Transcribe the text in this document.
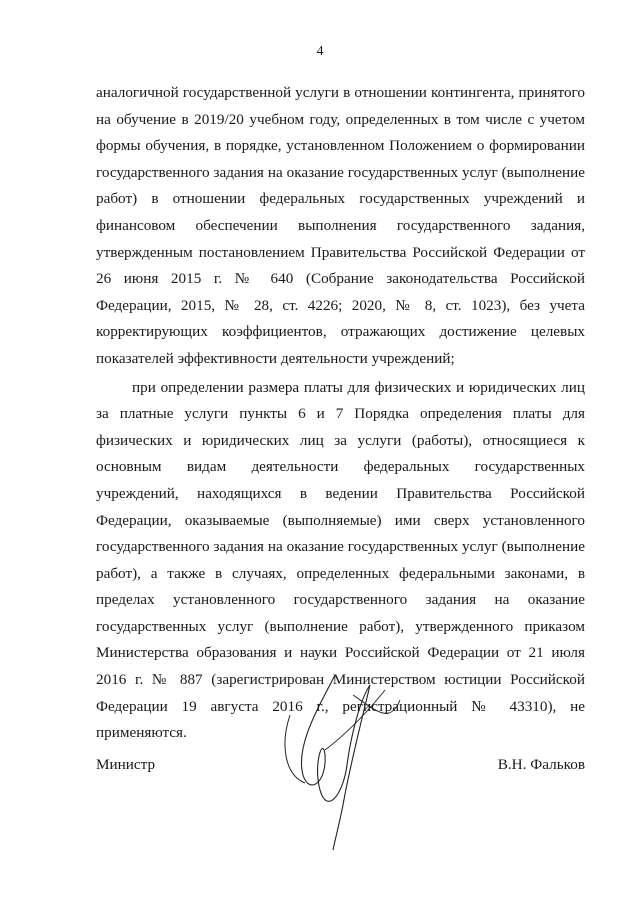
4

аналогичной государственной услуги в отношении контингента, принятого на обучение в 2019/20 учебном году, определенных в том числе с учетом формы обучения, в порядке, установленном Положением о формировании государственного задания на оказание государственных услуг (выполнение работ) в отношении федеральных государственных учреждений и финансовом обеспечении выполнения государственного задания, утвержденным постановлением Правительства Российской Федерации от 26 июня 2015 г. № 640 (Собрание законодательства Российской Федерации, 2015, № 28, ст. 4226; 2020, № 8, ст. 1023), без учета корректирующих коэффициентов, отражающих достижение целевых показателей эффективности деятельности учреждений;

при определении размера платы для физических и юридических лиц за платные услуги пункты 6 и 7 Порядка определения платы для физических и юридических лиц за услуги (работы), относящиеся к основным видам деятельности федеральных государственных учреждений, находящихся в ведении Правительства Российской Федерации, оказываемые (выполняемые) ими сверх установленного государственного задания на оказание государственных услуг (выполнение работ), а также в случаях, определенных федеральными законами, в пределах установленного государственного задания на оказание государственных услуг (выполнение работ), утвержденного приказом Министерства образования и науки Российской Федерации от 21 июля 2016 г. № 887 (зарегистрирован Министерством юстиции Российской Федерации 19 августа 2016 г., регистрационный № 43310), не применяются.

Министр	В.Н. Фальков
